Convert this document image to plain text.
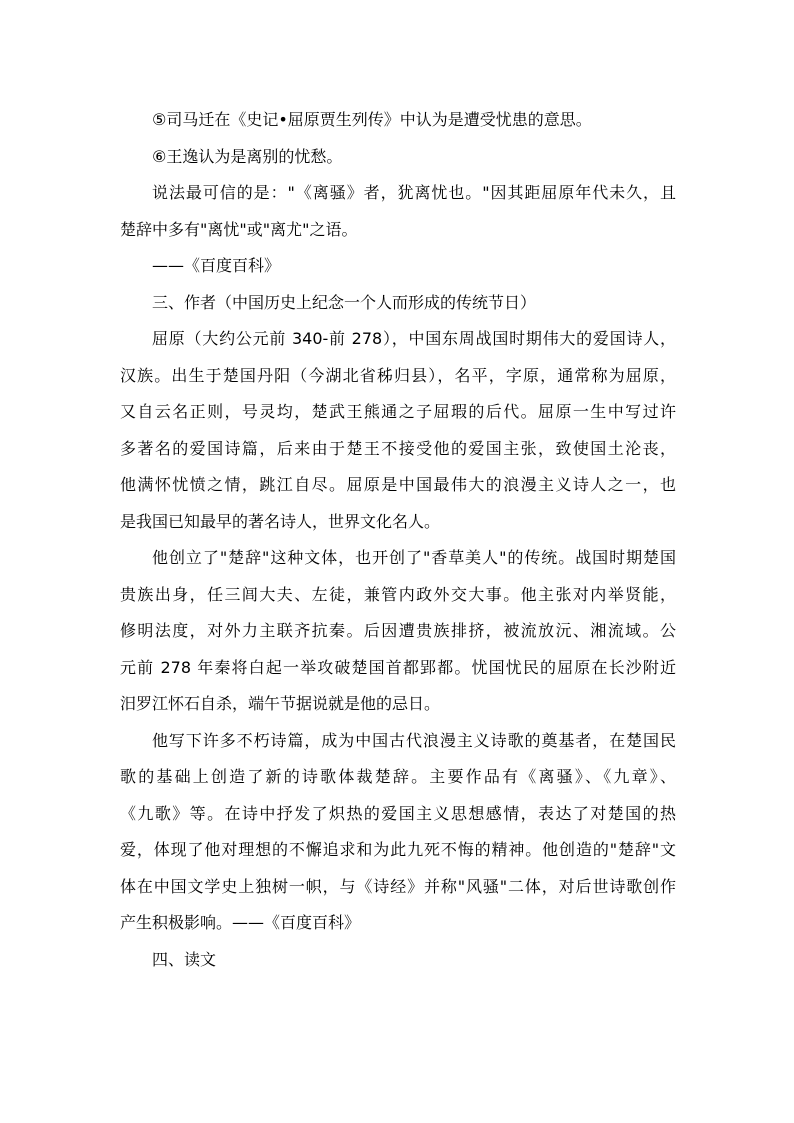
⑤司马迁在《史记•屈原贾生列传》中认为是遭受忧患的意思。

⑥王逸认为是离别的忧愁。

说法最可信的是："《离骚》者，犹离忧也。"因其距屈原年代未久，且
楚辞中多有"离忧"或"离尤"之语。

——《百度百科》

三、作者（中国历史上纪念一个人而形成的传统节日）

屈原（大约公元前 340-前 278），中国东周战国时期伟大的爱国诗人，
汉族。出生于楚国丹阳（今湖北省秭归县），名平，字原，通常称为屈原，
又自云名正则，号灵均，楚武王熊通之子屈瑕的后代。屈原一生中写过许
多著名的爱国诗篇，后来由于楚王不接受他的爱国主张，致使国土沦丧，
他满怀忧愤之情，跳江自尽。屈原是中国最伟大的浪漫主义诗人之一，也
是我国已知最早的著名诗人，世界文化名人。

他创立了"楚辞"这种文体，也开创了"香草美人"的传统。战国时期楚国
贵族出身，任三闾大夫、左徒，兼管内政外交大事。他主张对内举贤能，
修明法度，对外力主联齐抗秦。后因遭贵族排挤，被流放沅、湘流域。公
元前 278 年秦将白起一举攻破楚国首都郢都。忧国忧民的屈原在长沙附近
汨罗江怀石自杀，端午节据说就是他的忌日。

他写下许多不朽诗篇，成为中国古代浪漫主义诗歌的奠基者，在楚国民
歌的基础上创造了新的诗歌体裁楚辞。主要作品有《离骚》、《九章》、
《九歌》等。在诗中抒发了炽热的爱国主义思想感情，表达了对楚国的热
爱，体现了他对理想的不懈追求和为此九死不悔的精神。他创造的"楚辞"文
体在中国文学史上独树一帜，与《诗经》并称"风骚"二体，对后世诗歌创作
产生积极影响。——《百度百科》

四、读文
